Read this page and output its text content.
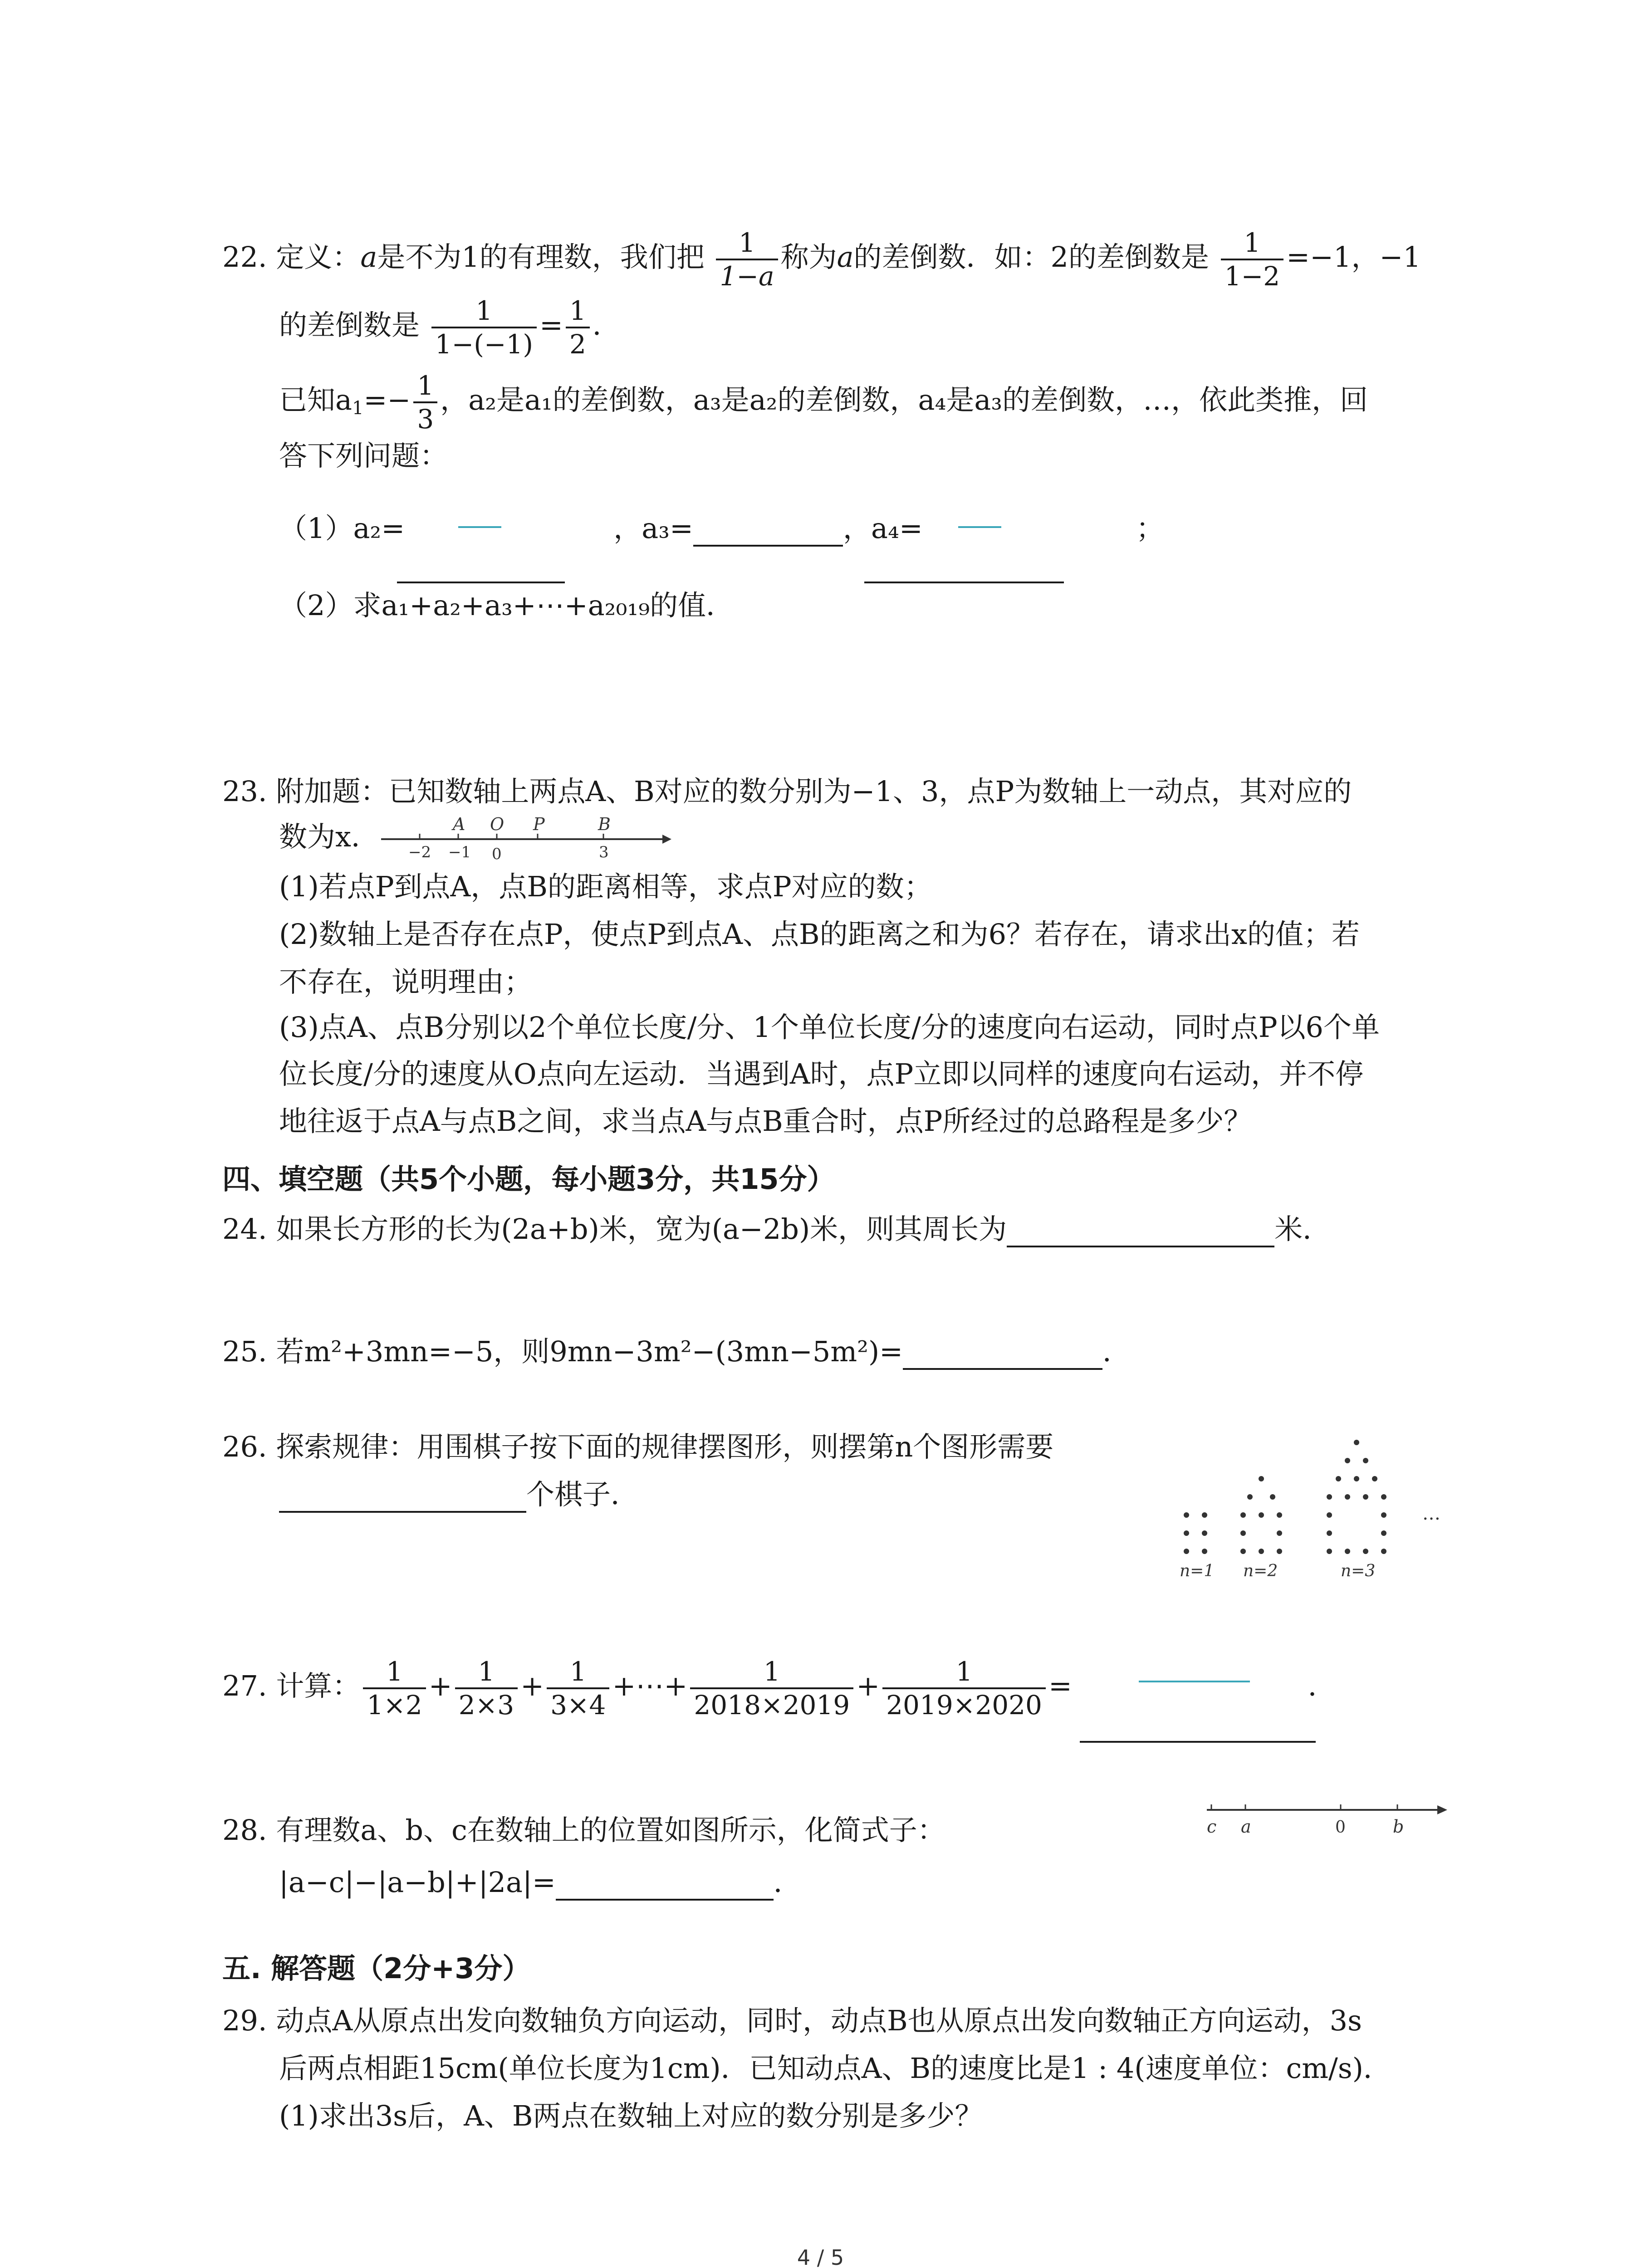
22. 定义：a是不为1的有理数，我们把 $\frac{1}{1-a}$ 称为a的差倒数．如：2的差倒数是 $\frac{1}{1-2} =-1$，−1
的差倒数是 $\frac{1}{1-(-1)} = \frac{1}{2}$ ．
已知$a_1=- \frac{1}{3}$ ，a₂是a₁的差倒数，a₃是a₂的差倒数，a₄是a₃的差倒数，…，依此类推，回
答下列问题：
（1）a₂=	，a₃=	，a₄=	；
（2）求a₁+a₂+a₃+⋯+a₂₀₁₉的值．
23. 附加题：已知数轴上两点A、B对应的数分别为−1、3，点P为数轴上一动点，其对应的
数为x．	A O P	B
−2 −1 0	3
(1)若点P到点A，点B的距离相等，求点P对应的数；
(2)数轴上是否存在点P，使点P到点A、点B的距离之和为6？若存在，请求出x的值；若
不存在，说明理由；
(3)点A、点B分别以2个单位长度/分、1个单位长度/分的速度向右运动，同时点P以6个单
位长度/分的速度从O点向左运动．当遇到A时，点P立即以同样的速度向右运动，并不停
地往返于点A与点B之间，求当点A与点B重合时，点P所经过的总路程是多少？
四、填空题（共5个小题，每小题3分，共15分）
24. 如果长方形的长为(2a+b)米，宽为(a−2b)米，则其周长为	米．
25. 若m²+3mn=−5，则9mn−3m²−(3mn−5m²)=	．
26. 探索规律：用围棋子按下面的规律摆图形，则摆第n个图形需要
个棋子．
n=1 n=2	n=3
…
27. 计算： $\frac{1}{1\times 2} + \frac{1}{2\times 3} + \frac{1}{3\times 4}$ +⋯+ $\frac{1}{2018\times 2019} + \frac{1}{2019\times 2020}$ =	．
28. 有理数a、b、c在数轴上的位置如图所示，化简式子：
|a−c|−|a−b|+|2a|=	．
c a	0	b
五. 解答题（2分+3分）
29. 动点A从原点出发向数轴负方向运动，同时，动点B也从原点出发向数轴正方向运动，3s
后两点相距15cm(单位长度为1cm)．已知动点A、B的速度比是1 : 4(速度单位：cm/s)．
(1)求出3s后，A、B两点在数轴上对应的数分别是多少？
4 / 5
